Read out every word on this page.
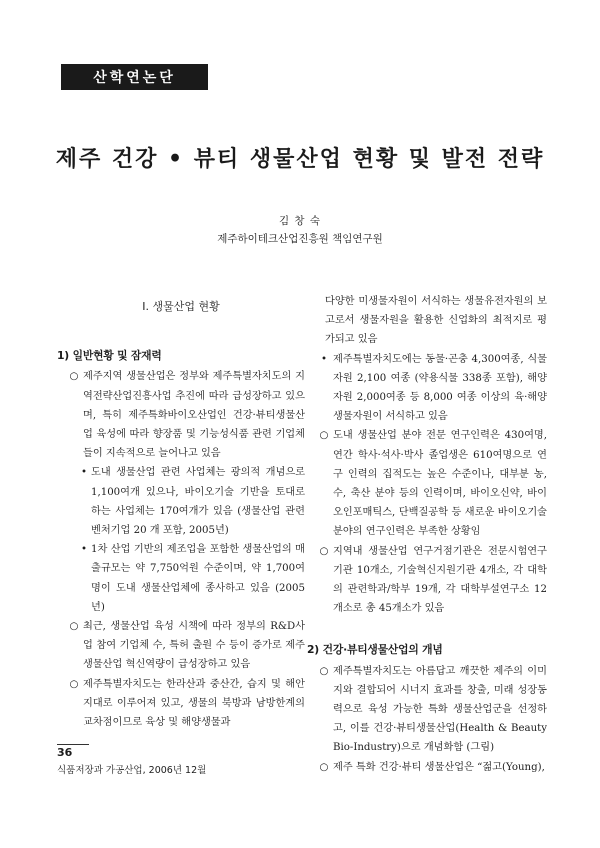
산학연논단
제주 건강 • 뷰티 생물산업 현황 및 발전 전략
김 창 숙
제주하이테크산업진흥원 책임연구원
Ⅰ. 생물산업 현황
1) 일반현황 및 잠재력
○ 제주지역 생물산업은 정부와 제주특별자치도의 지역전략산업진흥사업 추진에 따라 급성장하고 있으며, 특히 제주특화바이오산업인 건강·뷰티생물산업 육성에 따라 향장품 및 기능성식품 관련 기업체들이 지속적으로 늘어나고 있음
• 도내 생물산업 관련 사업체는 광의적 개념으로 1,100여개 있으나, 바이오기술 기반을 토대로 하는 사업체는 170여개가 있음 (생물산업 관련 벤처기업 20 개 포함, 2005년)
• 1차 산업 기반의 제조업을 포함한 생물산업의 매출규모는 약 7,750억원 수준이며, 약 1,700여명이 도내 생물산업체에 종사하고 있음 (2005년)
○ 최근, 생물산업 육성 시책에 따라 정부의 R&D사업 참여 기업체 수, 특허 출원 수 등이 증가로 제주 생물산업 혁신역량이 급성장하고 있음
○ 제주특별자치도는 한라산과 중산간, 습지 및 해안지대로 이루어져 있고, 생물의 북방과 남방한계의 교차점이므로 육상 및 해양생물과
다양한 미생물자원이 서식하는 생물유전자원의 보고로서 생물자원을 활용한 신업화의 최적지로 평가되고 있음
• 제주특별자치도에는 동물·곤충 4,300여종, 식물자원 2,100 여종 (약용식물 338종 포함), 해양자원 2,000여종 등 8,000 여종 이상의 육·해양생물자원이 서식하고 있음
○ 도내 생물산업 분야 전문 연구인력은 430여명, 연간 학사·석사·박사 졸업생은 610여명으로 연구 인력의 집적도는 높은 수준이나, 대부분 농, 수, 축산 분야 등의 인력이며, 바이오신약, 바이오인포매틱스, 단백질공학 등 새로운 바이오기술 분야의 연구인력은 부족한 상황임
○ 지역내 생물산업 연구거점기관은 전문시험연구기관 10개소, 기술혁신지원기관 4개소, 각 대학의 관련학과/학부 19개, 각 대학부설연구소 12개소로 총 45개소가 있음
2) 건강·뷰티생물산업의 개념
○ 제주특별자치도는 아름답고 깨끗한 제주의 이미지와 결합되어 시너지 효과를 창출, 미래 성장동력으로 육성 가능한 특화 생물산업군을 선정하고, 이를 건강·뷰티생물산업(Health & Beauty Bio-Industry)으로 개념화함 (그림)
○ 제주 특화 건강·뷰티 생물산업은 “젊고(Young),
36
식품저장과 가공산업, 2006년 12월
